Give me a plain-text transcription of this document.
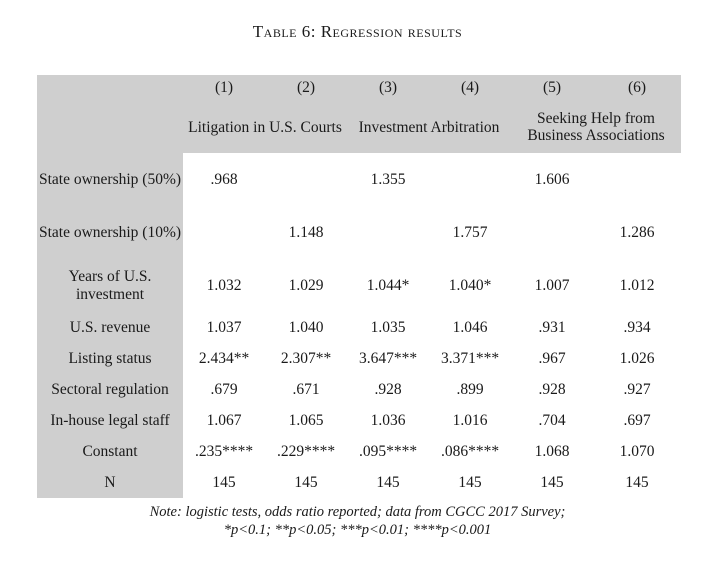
Table 6: Regression results
	(1)	(2)	(3)	(4)	(5)	(6)
	Litigation in U.S. Courts		Investment Arbitration		Seeking Help from Business Associations	
State ownership (50%)	.968		1.355		1.606	
State ownership (10%)		1.148		1.757		1.286
Years of U.S. investment	1.032	1.029	1.044*	1.040*	1.007	1.012
U.S. revenue	1.037	1.040	1.035	1.046	.931	.934
Listing status	2.434**	2.307**	3.647***	3.371***	.967	1.026
Sectoral regulation	.679	.671	.928	.899	.928	.927
In-house legal staff	1.067	1.065	1.036	1.016	.704	.697
Constant	.235****	.229****	.095****	.086****	1.068	1.070
N	145	145	145	145	145	145
Note: logistic tests, odds ratio reported; data from CGCC 2017 Survey;
*p<0.1; **p<0.05; ***p<0.01; ****p<0.001
